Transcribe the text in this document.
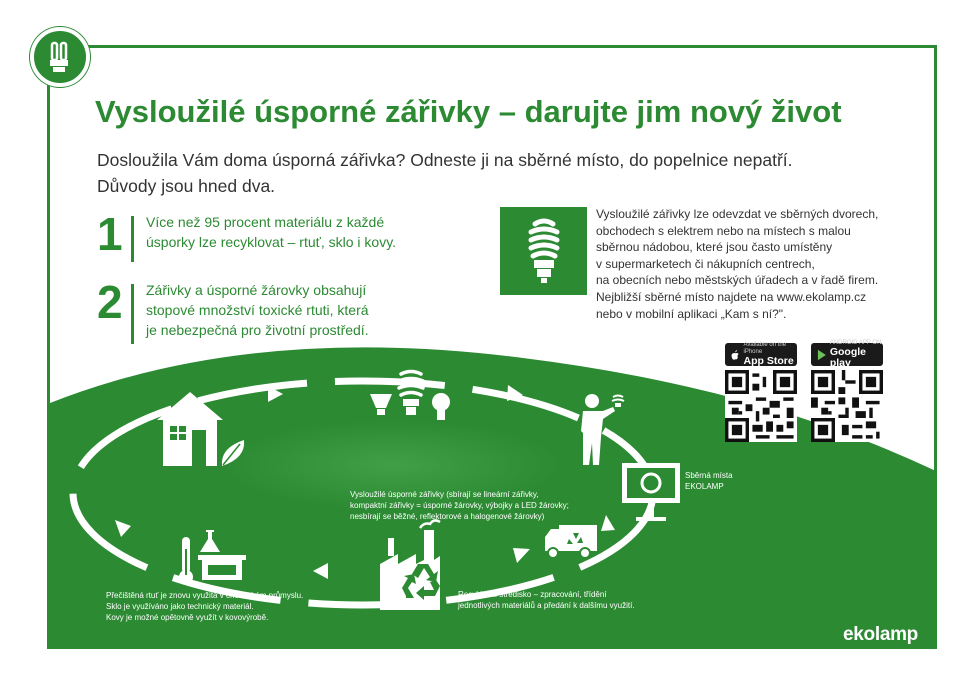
Vysloužilé úsporné zářivky (sbírají se lineární zářivky,
kompaktní zářivky = úsporné žárovky, výbojky a LED žárovky;
nesbírají se běžné, reflektorové a halogenové žárovky)
Vysloužilé úsporné zářivky – darujte jim nový život
Dosloužila Vám doma úsporná zářivka? Odneste ji na sběrné místo, do popelnice nepatří.
Důvody jsou hned dva.
1	Více než 95 procent materiálu z každé
úsporky lze recyklovat – rtuť, sklo i kovy.
2	Zářivky a úsporné žárovky obsahují
stopové množství toxické rtuti, která
je nebezpečná pro životní prostředí.

Vysloužilé zářivky lze odevzdat ve sběrných dvorech,

obchodech s elektrem nebo na místech s malou

sběrnou nádobou, které jsou často umístěny

v supermarketech či nákupních centrech,

na obecních nebo městských úřadech a v řadě firem.

Nejbližší sběrné místo najdete na www.ekolamp.cz

nebo v mobilní aplikaci „Kam s ní?".

Available on the iPhone
App Store
ANDROID APP ON
Google play
Sběrná místa
EKOLAMP
Recyklační středisko – zpracování, třídění
jednotlivých materiálů a předání k dalšímu využití.
Přečištěná rtuť je znovu využita v chemickém průmyslu.
Sklo je využíváno jako technický materiál.
Kovy je možné opětovně využít v kovovýrobě.
ekolamp
